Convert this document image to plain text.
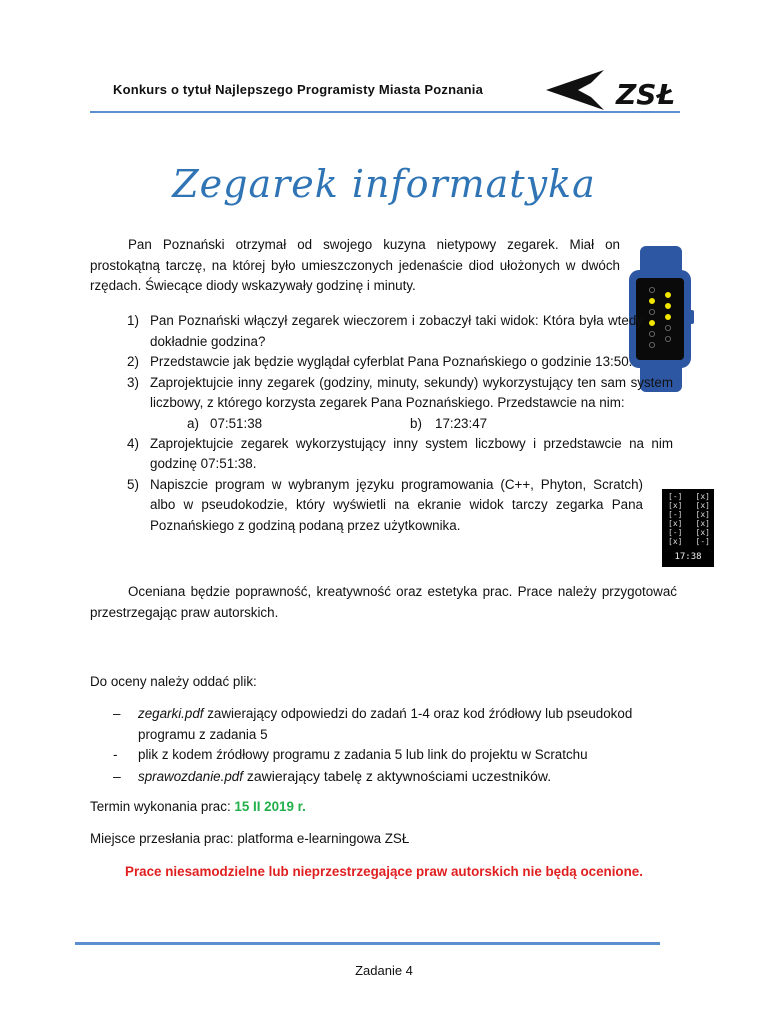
Konkurs o tytuł Najlepszego Programisty Miasta Poznania	ZSŁ
Zegarek informatyka
Pan Poznański otrzymał od swojego kuzyna nietypowy zegarek. Miał on prostokątną tarczę, na której było umieszczonych jedenaście diod ułożonych w dwóch rzędach. Świecące diody wskazywały godzinę i minuty.
1) Pan Poznański włączył zegarek wieczorem i zobaczył taki widok: Która była wtedy dokładnie godzina?
2) Przedstawcie jak będzie wyglądał cyferblat Pana Poznańskiego o godzinie 13:50.
3) Zaprojektujcie inny zegarek (godziny, minuty, sekundy) wykorzystujący ten sam system liczbowy, z którego korzysta zegarek Pana Poznańskiego. Przedstawcie na nim:
a) 07:51:38	b) 17:23:47
4) Zaprojektujcie zegarek wykorzystujący inny system liczbowy i przedstawcie na nim godzinę 07:51:38.
5) Napiszcie program w wybranym języku programowania (C++, Phyton, Scratch) albo w pseudokodzie, który wyświetli na ekranie widok tarczy zegarka Pana Poznańskiego z godziną podaną przez użytkownika.
[-] [x]
[x] [x]
[-] [x]
[x] [x]
[-] [x]
[x] [-]
17:38
Oceniana będzie poprawność, kreatywność oraz estetyka prac. Prace należy przygotować przestrzegając praw autorskich.
Do oceny należy oddać plik:
– zegarki.pdf zawierający odpowiedzi do zadań 1-4 oraz kod źródłowy lub pseudokod programu z zadania 5
- plik z kodem źródłowy programu z zadania 5 lub link do projektu w Scratchu
– sprawozdanie.pdf zawierający tabelę z aktywnościami uczestników.
Termin wykonania prac: 15 II 2019 r.
Miejsce przesłania prac: platforma e-learningowa ZSŁ
Prace niesamodzielne lub nieprzestrzegające praw autorskich nie będą ocenione.
Zadanie 4
